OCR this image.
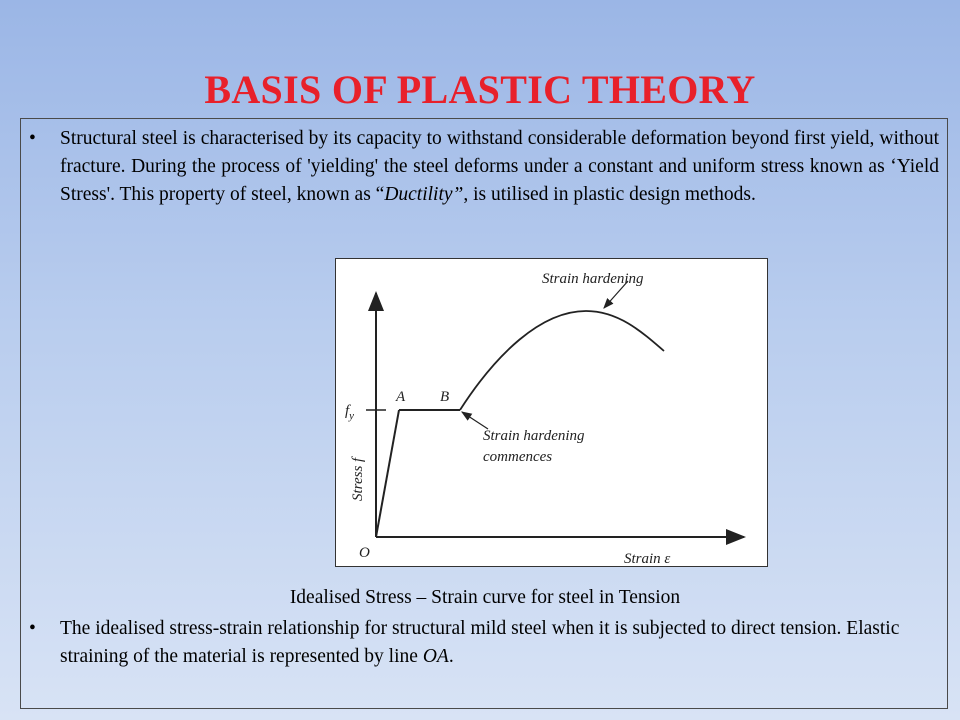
BASIS OF PLASTIC THEORY
•	Structural steel is characterised by its capacity to withstand considerable deformation beyond first yield, without fracture. During the process of 'yielding' the steel deforms under a constant and uniform stress known as ‘Yield Stress'. This property of steel, known as “Ductility”, is utilised in plastic design methods.
Strain hardening
A B
Strain hardening
commences
$f_y$
Stress f
Strain ε
O
Idealised Stress – Strain curve for steel in Tension
•	The idealised stress-strain relationship for structural mild steel when it is subjected to direct tension. Elastic straining of the material is represented by line OA.
